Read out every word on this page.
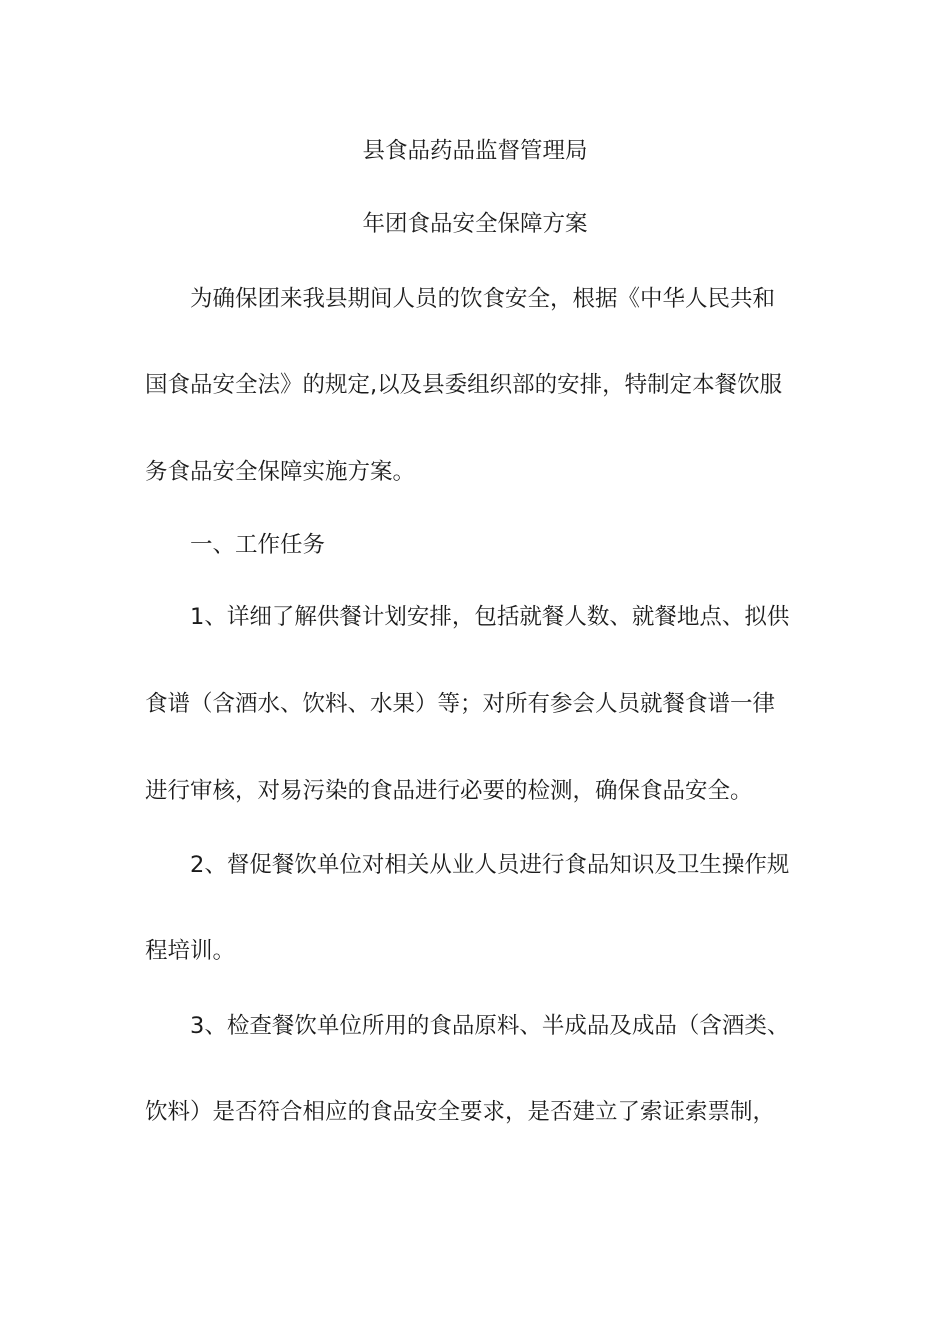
县食品药品监督管理局
年团食品安全保障方案
为确保团来我县期间人员的饮食安全，根据《中华人民共和
国食品安全法》的规定,以及县委组织部的安排，特制定本餐饮服
务食品安全保障实施方案。
一、工作任务
1、详细了解供餐计划安排，包括就餐人数、就餐地点、拟供
食谱（含酒水、饮料、水果）等；对所有参会人员就餐食谱一律
进行审核，对易污染的食品进行必要的检测，确保食品安全。
2、督促餐饮单位对相关从业人员进行食品知识及卫生操作规
程培训。
3、检查餐饮单位所用的食品原料、半成品及成品（含酒类、
饮料）是否符合相应的食品安全要求，是否建立了索证索票制，
